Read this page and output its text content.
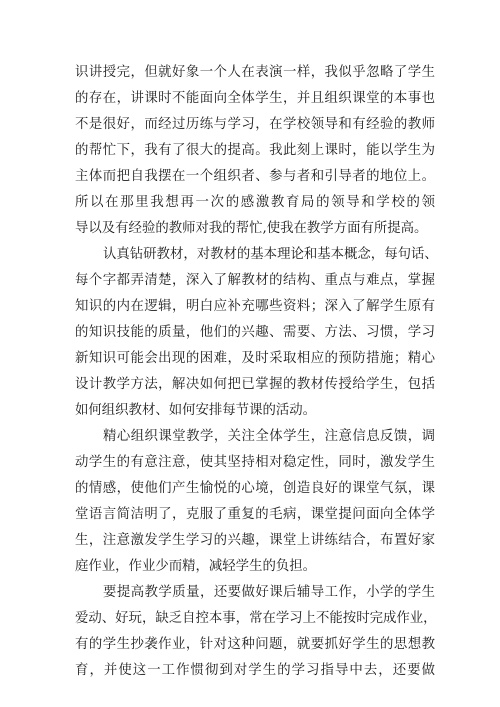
识讲授完，但就好象一个人在表演一样，我似乎忽略了学生
的存在，讲课时不能面向全体学生，并且组织课堂的本事也
不是很好，而经过历练与学习，在学校领导和有经验的教师
的帮忙下，我有了很大的提高。我此刻上课时，能以学生为
主体而把自我摆在一个组织者、参与者和引导者的地位上。
所以在那里我想再一次的感激教育局的领导和学校的领
导以及有经验的教师对我的帮忙,使我在教学方面有所提高。
认真钻研教材，对教材的基本理论和基本概念，每句话、
每个字都弄清楚，深入了解教材的结构、重点与难点，掌握
知识的内在逻辑，明白应补充哪些资料；深入了解学生原有
的知识技能的质量，他们的兴趣、需要、方法、习惯，学习
新知识可能会出现的困难，及时采取相应的预防措施；精心
设计教学方法，解决如何把已掌握的教材传授给学生，包括
如何组织教材、如何安排每节课的活动。
精心组织课堂教学，关注全体学生，注意信息反馈，调
动学生的有意注意，使其坚持相对稳定性，同时，激发学生
的情感，使他们产生愉悦的心境，创造良好的课堂气氛，课
堂语言简洁明了，克服了重复的毛病，课堂提问面向全体学
生，注意激发学生学习的兴趣，课堂上讲练结合，布置好家
庭作业，作业少而精，减轻学生的负担。
要提高教学质量，还要做好课后辅导工作，小学的学生
爱动、好玩，缺乏自控本事，常在学习上不能按时完成作业，
有的学生抄袭作业，针对这种问题，就要抓好学生的思想教
育，并使这一工作惯彻到对学生的学习指导中去，还要做
